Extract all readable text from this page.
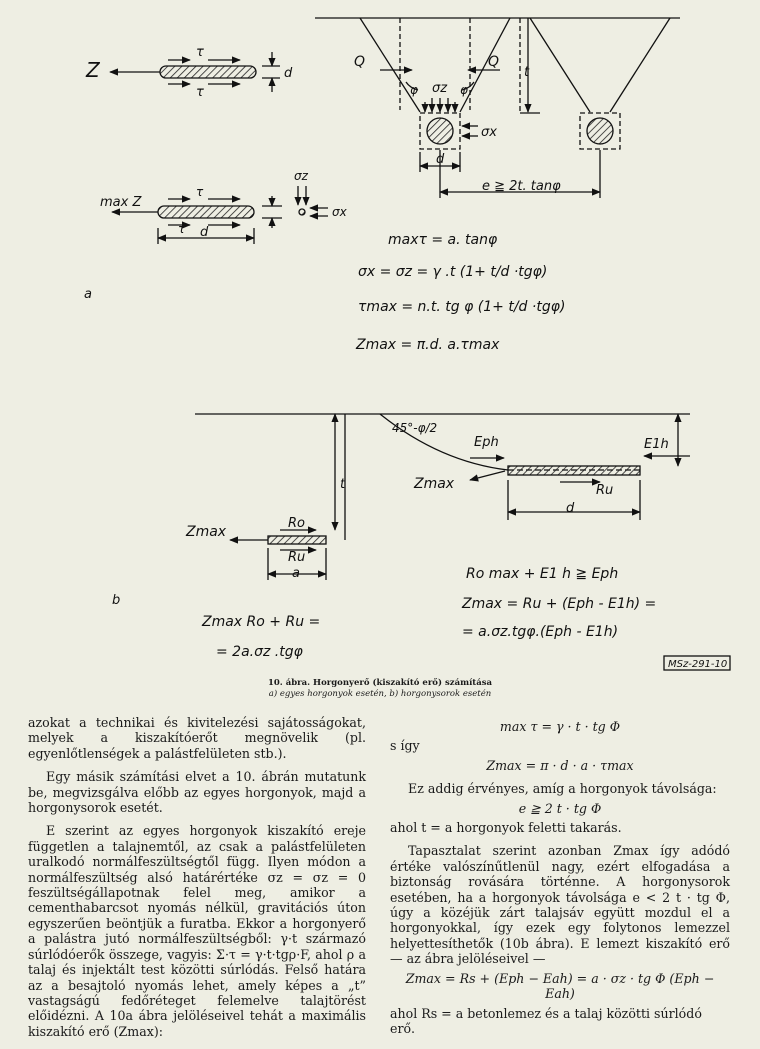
Z
τ
τ
d
Q	Q
φ	φ
σz
σx
t
d
e ≧ 2t. tanφ
max Z
τ
τ d
σz
σx
maxτ = a. tanφ
σx = σz = γ .t (1+ t/d ·tgφ)
τmax = n.t. tg φ (1+ t/d ·tgφ)
Zmax = π.d. a.τmax
a
45°-φ/2
Eph	E1h
Zmax	Ru
t
d
Zmax
Ro
Ru
a
b
Ro max + E1 h ≧ Eph
Zmax = Ru + (Eph - E1h) =
= a.σz.tgφ.(Eph - E1h)
Zmax Ro + Ru =
= 2a.σz .tgφ
MSz-291-10
10. ábra. Horgonyerő (kiszakító erő) számítása
a) egyes horgonyok esetén, b) horgonysorok esetén

azokat a technikai és kivitelezési sajátosságokat, melyek a kiszakítóerőt megnövelik (pl. egyenlőtlenségek a palástfelületen stb.).

Egy másik számítási elvet a 10. ábrán mutatunk be, megvizsgálva előbb az egyes horgonyok, majd a horgonysorok esetét.

E szerint az egyes horgonyok kiszakító ereje független a talajnemtől, az csak a palástfelületen uralkodó normálfeszültségtől függ. Ilyen módon a normálfeszültség alsó határértéke σz = σz = 0 feszültségállapotnak felel meg, amikor a cementhabarcsot nyomás nélkül, gravitációs úton egyszerűen beöntjük a furatba. Ekkor a horgonyerő a palástra jutó normálfeszültségből: γ·t származó súrlódóerők összege, vagyis: Σ·τ = γ·t·tgρ·F, ahol ρ a talaj és injektált test közötti súrlódás. Felső határa az a besajtoló nyomás lehet, amely képes a „t” vastagságú fedőréteget felemelve talajtörést előidézni. A 10a ábra jelöléseivel tehát a maximális kiszakító erő (Zmax):

max τ = γ · t · tg Φ

s így

Zmax = π · d · a · τmax

Ez addig érvényes, amíg a horgonyok távolsága:

e ≧ 2 t · tg Φ

ahol t = a horgonyok feletti takarás.

Tapasztalat szerint azonban Zmax így adódó értéke valószínűtlenül nagy, ezért elfogadása a biztonság rovására történne. A horgonysorok esetében, ha a horgonyok távolsága e < 2 t · tg Φ, úgy a közéjük zárt talajsáv együtt mozdul el a horgonyokkal, így ezek egy folytonos lemezzel helyettesíthetők (10b ábra). E lemezt kiszakító erő — az ábra jelöléseivel —

Zmax = Rs + (Eph − Eah) = a · σz · tg Φ (Eph − Eah)

ahol Rs = a betonlemez és a talaj közötti súrlódó erő.
